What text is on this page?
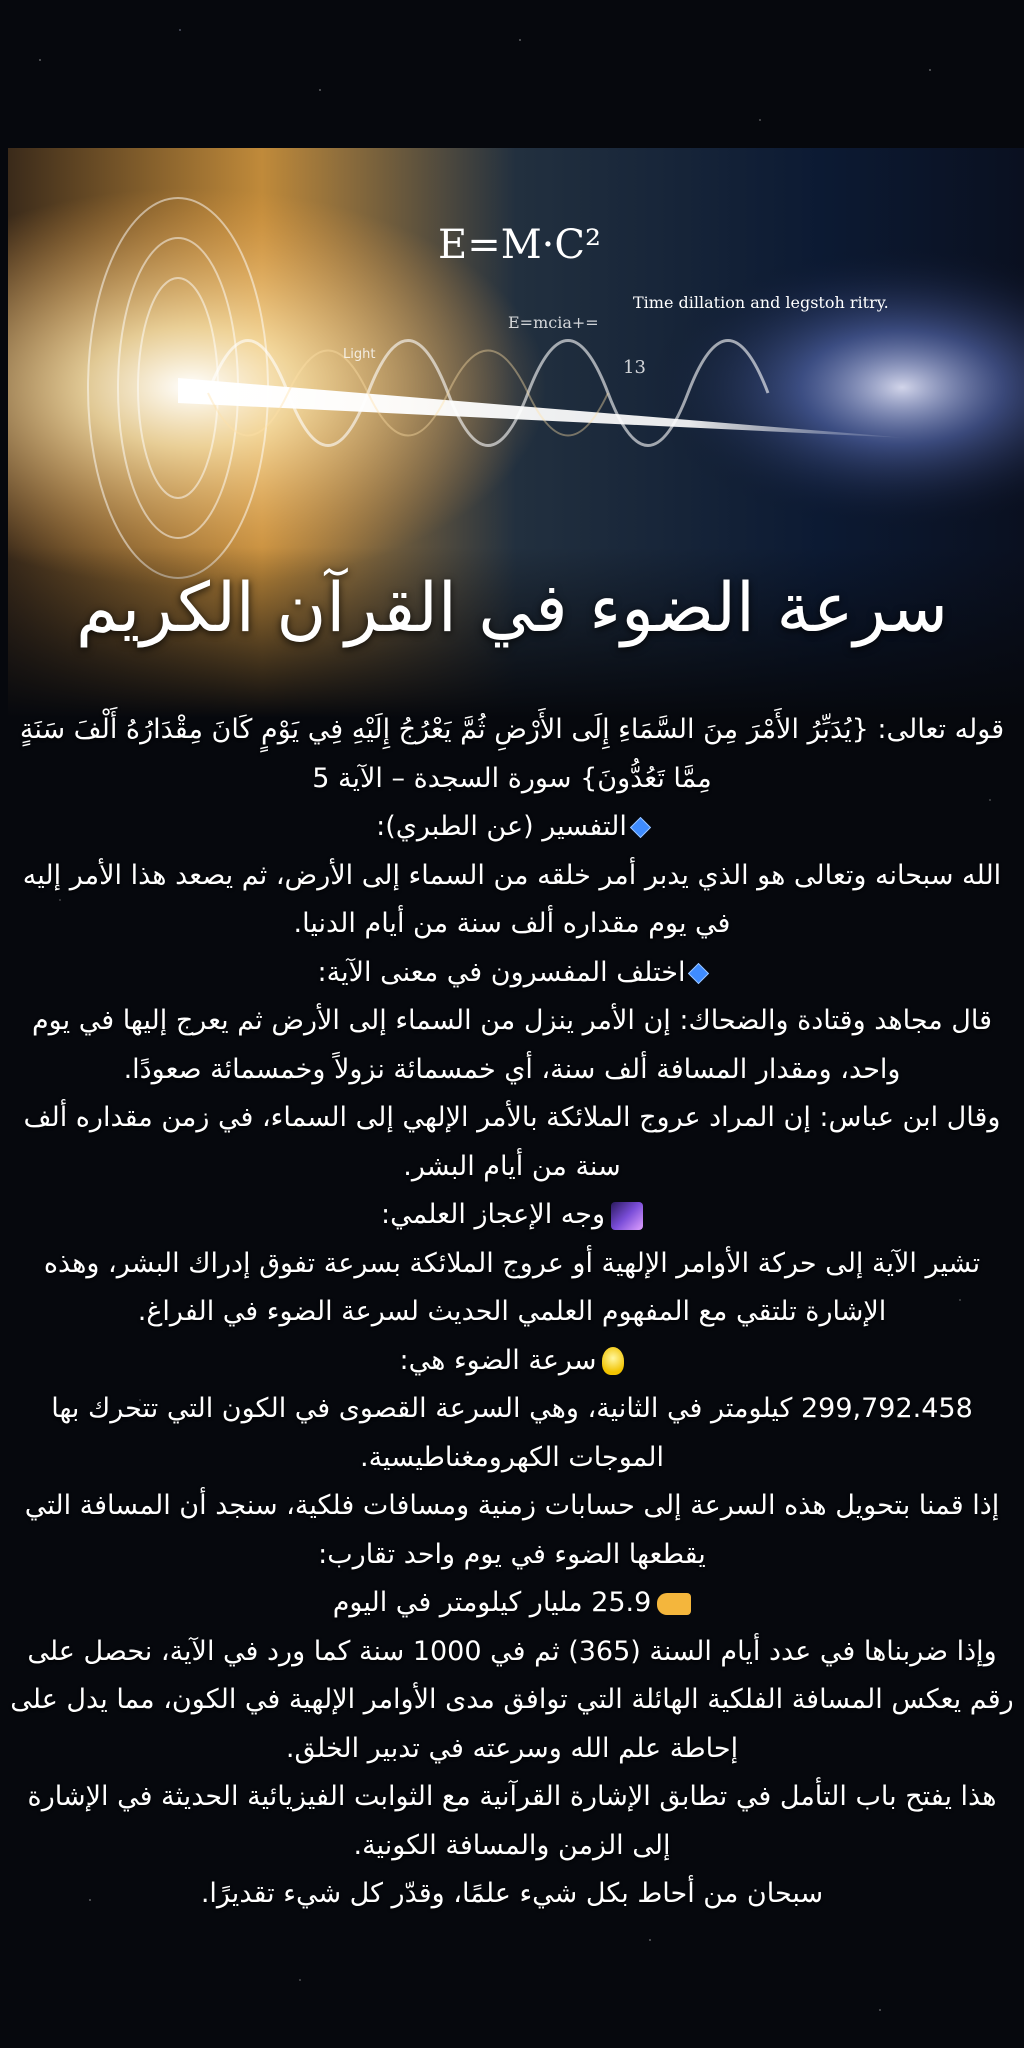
E=M·C²
E=mcia+=
Time dillation and legstoh ritry.
Light
13
سرعة الضوء في القرآن الكريم

قوله تعالى: {يُدَبِّرُ الأَمْرَ مِنَ السَّمَاءِ إِلَى الأَرْضِ ثُمَّ يَعْرُجُ إِلَيْهِ فِي يَوْمٍ كَانَ مِقْدَارُهُ أَلْفَ سَنَةٍ مِمَّا تَعُدُّونَ} سورة السجدة – الآية 5

التفسير (عن الطبري):

الله سبحانه وتعالى هو الذي يدبر أمر خلقه من السماء إلى الأرض، ثم يصعد هذا الأمر إليه في يوم مقداره ألف سنة من أيام الدنيا.

اختلف المفسرون في معنى الآية:

قال مجاهد وقتادة والضحاك: إن الأمر ينزل من السماء إلى الأرض ثم يعرج إليها في يوم واحد، ومقدار المسافة ألف سنة، أي خمسمائة نزولاً وخمسمائة صعودًا.

وقال ابن عباس: إن المراد عروج الملائكة بالأمر الإلهي إلى السماء، في زمن مقداره ألف سنة من أيام البشر.

وجه الإعجاز العلمي:

تشير الآية إلى حركة الأوامر الإلهية أو عروج الملائكة بسرعة تفوق إدراك البشر، وهذه الإشارة تلتقي مع المفهوم العلمي الحديث لسرعة الضوء في الفراغ.

سرعة الضوء هي:

299,792.458 كيلومتر في الثانية، وهي السرعة القصوى في الكون التي تتحرك بها الموجات الكهرومغناطيسية.

إذا قمنا بتحويل هذه السرعة إلى حسابات زمنية ومسافات فلكية، سنجد أن المسافة التي يقطعها الضوء في يوم واحد تقارب:

25.9 مليار كيلومتر في اليوم

وإذا ضربناها في عدد أيام السنة (365) ثم في 1000 سنة كما ورد في الآية، نحصل على رقم يعكس المسافة الفلكية الهائلة التي توافق مدى الأوامر الإلهية في الكون، مما يدل على إحاطة علم الله وسرعته في تدبير الخلق.

هذا يفتح باب التأمل في تطابق الإشارة القرآنية مع الثوابت الفيزيائية الحديثة في الإشارة إلى الزمن والمسافة الكونية.

سبحان من أحاط بكل شيء علمًا، وقدّر كل شيء تقديرًا.
